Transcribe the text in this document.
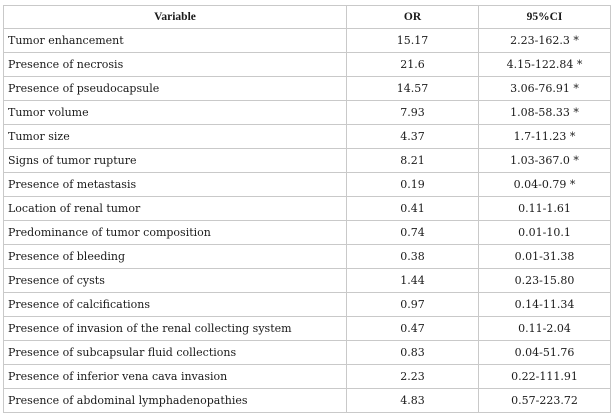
Variable	OR	95%CI
Tumor enhancement	15.17	2.23-162.3 *
Presence of necrosis	21.6	4.15-122.84 *
Presence of pseudocapsule	14.57	3.06-76.91 *
Tumor volume	7.93	1.08-58.33 *
Tumor size	4.37	1.7-11.23 *
Signs of tumor rupture	8.21	1.03-367.0 *
Presence of metastasis	0.19	0.04-0.79 *
Location of renal tumor	0.41	0.11-1.61
Predominance of tumor composition	0.74	0.01-10.1
Presence of bleeding	0.38	0.01-31.38
Presence of cysts	1.44	0.23-15.80
Presence of calcifications	0.97	0.14-11.34
Presence of invasion of the renal collecting system	0.47	0.11-2.04
Presence of subcapsular fluid collections	0.83	0.04-51.76
Presence of inferior vena cava invasion	2.23	0.22-111.91
Presence of abdominal lymphadenopathies	4.83	0.57-223.72
